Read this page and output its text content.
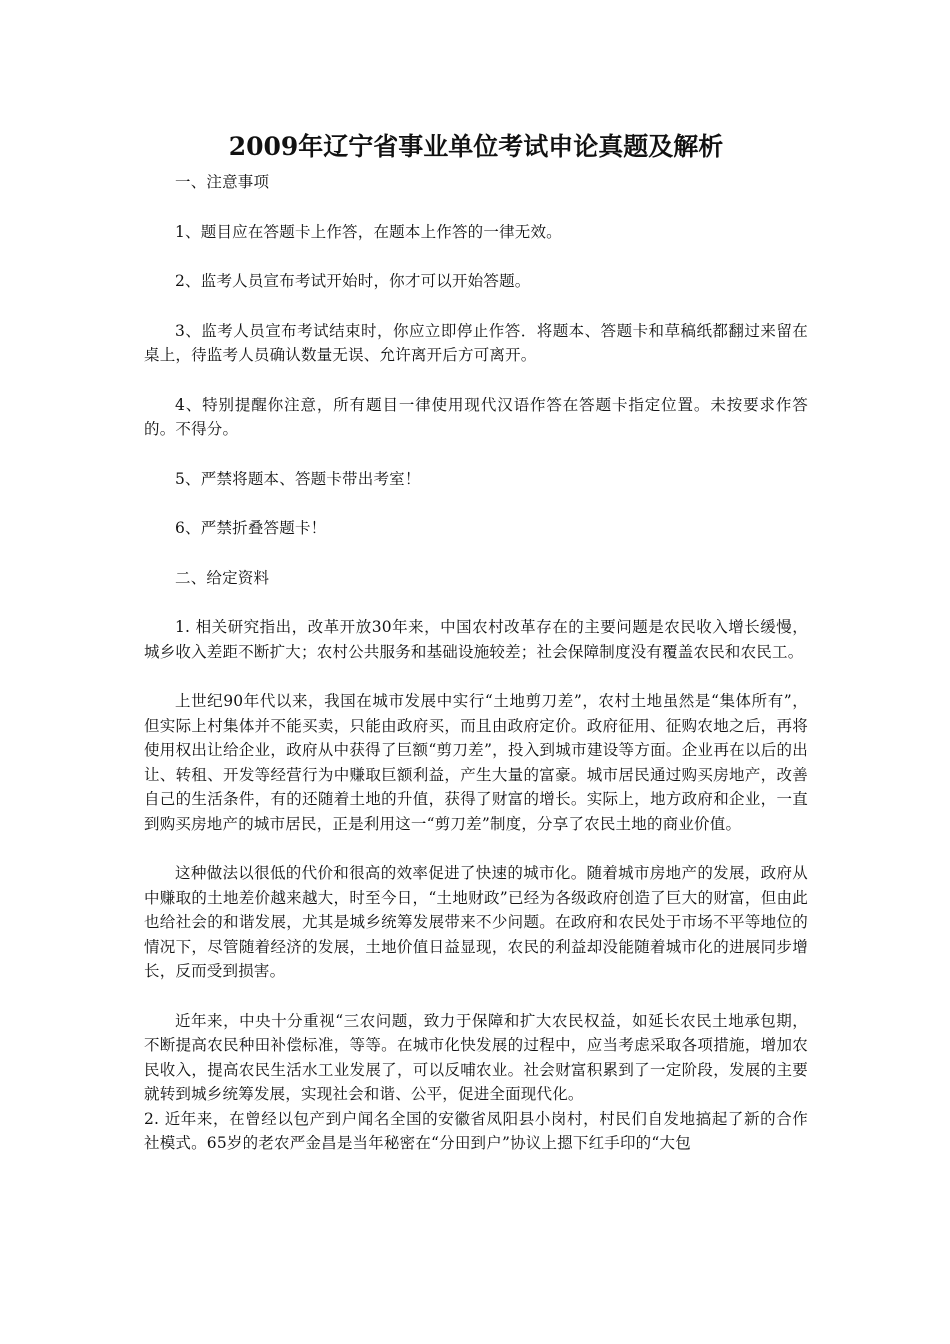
2009年辽宁省事业单位考试申论真题及解析

一、注意事项

1、题目应在答题卡上作答，在题本上作答的一律无效。

2、监考人员宣布考试开始时，你才可以开始答题。

3、监考人员宣布考试结束时，你应立即停止作答．将题本、答题卡和草稿纸都翻过来留在桌上，待监考人员确认数量无误、允许离开后方可离开。

4、特别提醒你注意，所有题目一律使用现代汉语作答在答题卡指定位置。未按要求作答的。不得分。

5、严禁将题本、答题卡带出考室！

6、严禁折叠答题卡！

二、给定资料

1. 相关研究指出，改革开放30年来，中国农村改革存在的主要问题是农民收入增长缓慢，城乡收入差距不断扩大；农村公共服务和基础设施较差；社会保障制度没有覆盖农民和农民工。

上世纪90年代以来，我国在城市发展中实行“土地剪刀差”，农村土地虽然是“集体所有”，但实际上村集体并不能买卖，只能由政府买，而且由政府定价。政府征用、征购农地之后，再将使用权出让给企业，政府从中获得了巨额“剪刀差”，投入到城市建设等方面。企业再在以后的出让、转租、开发等经营行为中赚取巨额利益，产生大量的富豪。城市居民通过购买房地产，改善自己的生活条件，有的还随着土地的升值，获得了财富的增长。实际上，地方政府和企业，一直到购买房地产的城市居民，正是利用这一“剪刀差”制度，分享了农民土地的商业价值。

这种做法以很低的代价和很高的效率促进了快速的城市化。随着城市房地产的发展，政府从中赚取的土地差价越来越大，时至今日，“土地财政”已经为各级政府创造了巨大的财富，但由此也给社会的和谐发展，尤其是城乡统筹发展带来不少问题。在政府和农民处于市场不平等地位的情况下，尽管随着经济的发展，土地价值日益显现，农民的利益却没能随着城市化的进展同步增长，反而受到损害。

近年来，中央十分重视“三农问题，致力于保障和扩大农民权益，如延长农民土地承包期，不断提高农民种田补偿标准，等等。在城市化快发展的过程中，应当考虑采取各项措施，增加农民收入，提高农民生活水工业发展了，可以反哺农业。社会财富积累到了一定阶段，发展的主要就转到城乡统筹发展，实现社会和谐、公平，促进全面现代化。

2. 近年来，在曾经以包产到户闻名全国的安徽省凤阳县小岗村，村民们自发地搞起了新的合作社模式。65岁的老农严金昌是当年秘密在“分田到户”协议上摁下红手印的“大包
